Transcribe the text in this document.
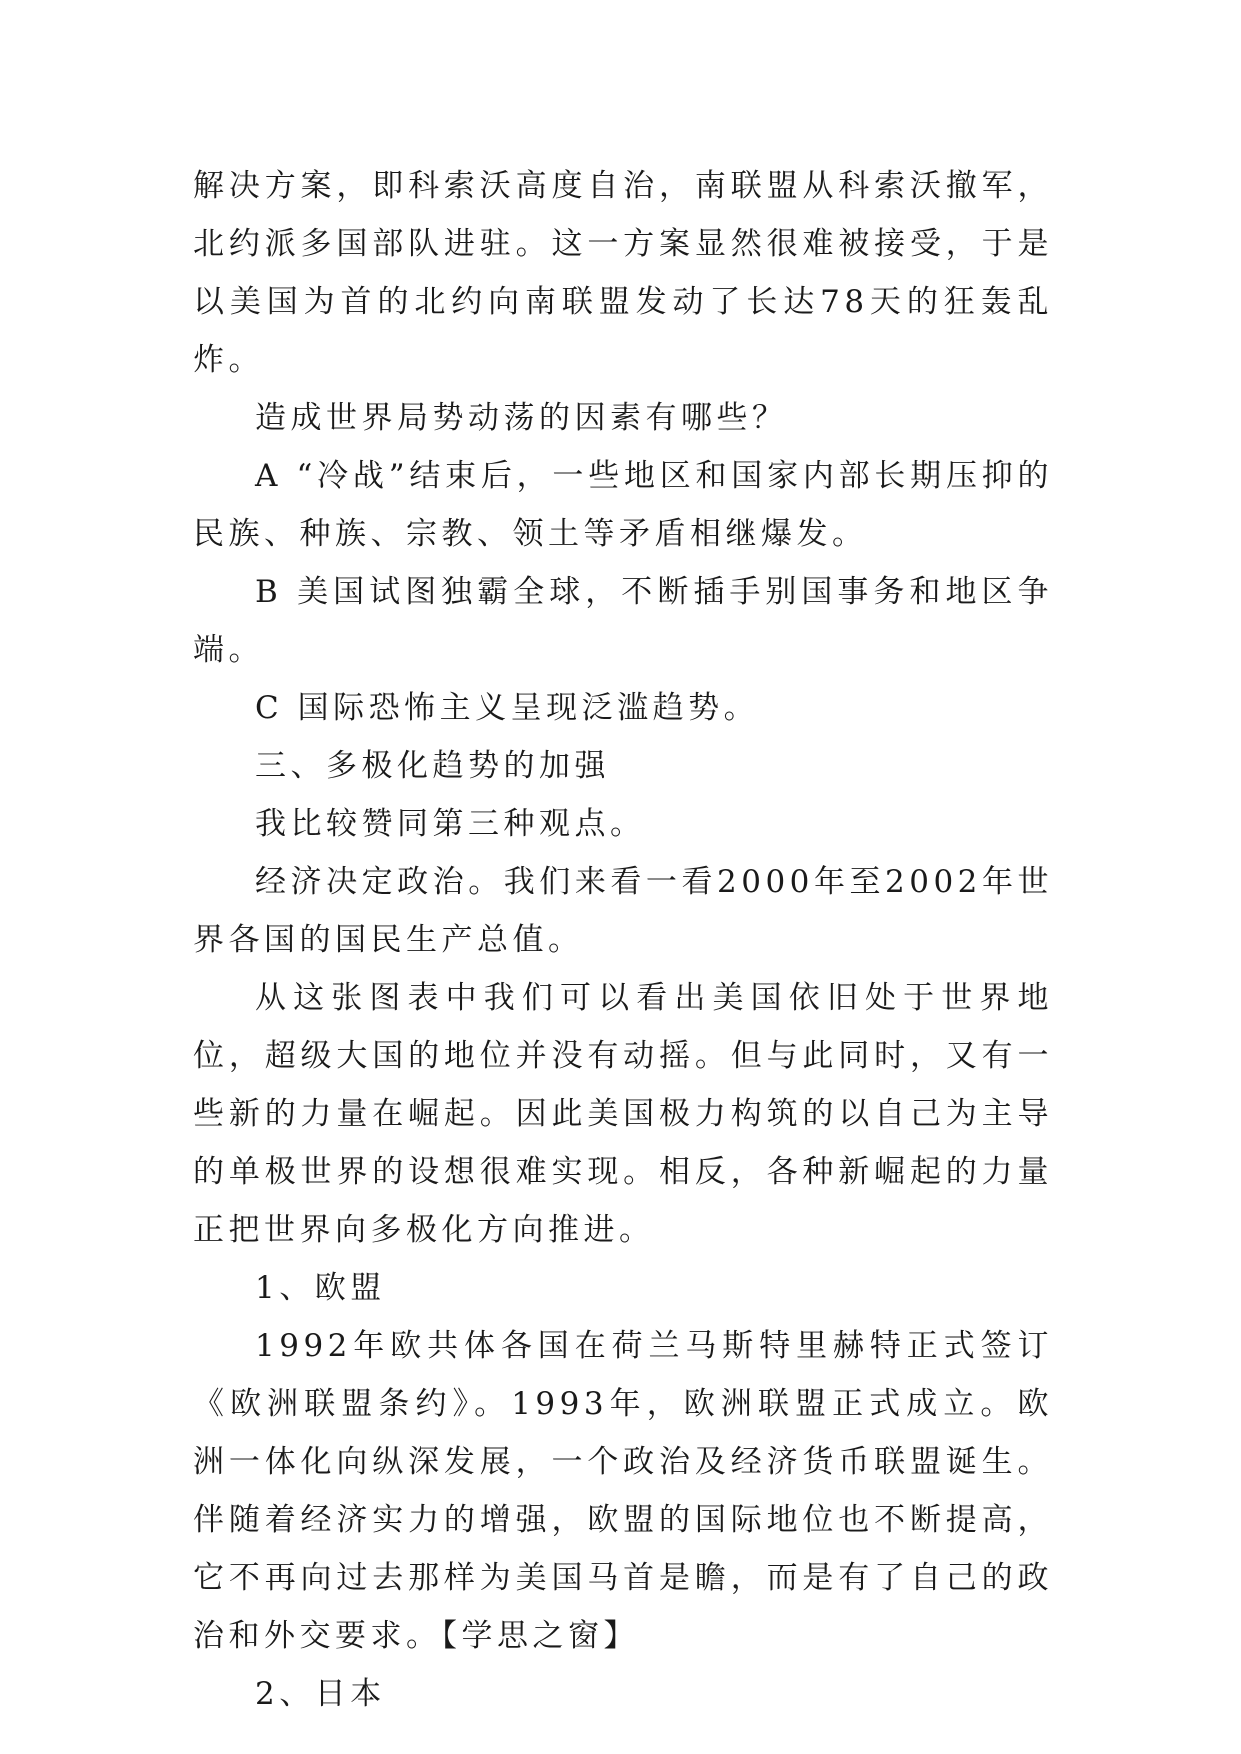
解决方案，即科索沃高度自治，南联盟从科索沃撤军，北约派多国部队进驻。这一方案显然很难被接受，于是以美国为首的北约向南联盟发动了长达78天的狂轰乱炸。

造成世界局势动荡的因素有哪些？

A “冷战”结束后，一些地区和国家内部长期压抑的民族、种族、宗教、领土等矛盾相继爆发。

B 美国试图独霸全球，不断插手别国事务和地区争端。

C 国际恐怖主义呈现泛滥趋势。

三、多极化趋势的加强

我比较赞同第三种观点。

经济决定政治。我们来看一看2000年至2002年世界各国的国民生产总值。

从这张图表中我们可以看出美国依旧处于世界地位，超级大国的地位并没有动摇。但与此同时，又有一些新的力量在崛起。因此美国极力构筑的以自己为主导的单极世界的设想很难实现。相反，各种新崛起的力量正把世界向多极化方向推进。

1、欧盟

1992年欧共体各国在荷兰马斯特里赫特正式签订《欧洲联盟条约》。1993年，欧洲联盟正式成立。欧洲一体化向纵深发展，一个政治及经济货币联盟诞生。伴随着经济实力的增强，欧盟的国际地位也不断提高，它不再向过去那样为美国马首是瞻，而是有了自己的政治和外交要求。【学思之窗】

2、日本
